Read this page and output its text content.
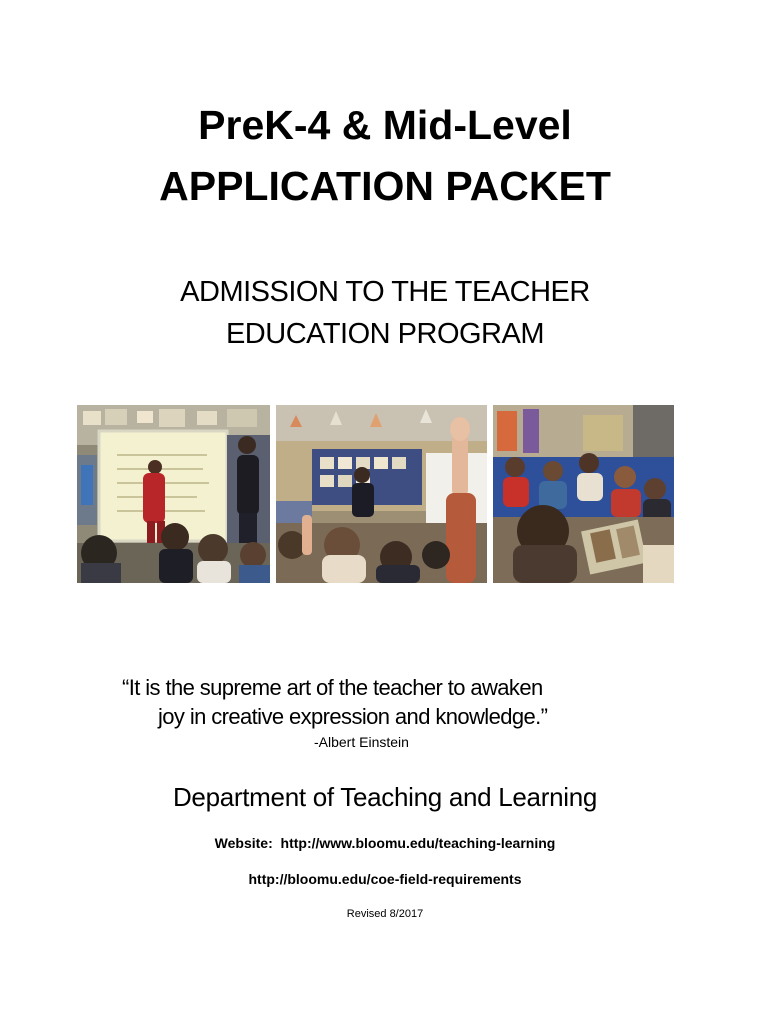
PreK-4 & Mid-Level
APPLICATION PACKET
ADMISSION TO THE TEACHER
EDUCATION PROGRAM
“It is the supreme art of the teacher to awaken
joy in creative expression and knowledge.”
-Albert Einstein
Department of Teaching and Learning
Website: http://www.bloomu.edu/teaching-learning
http://bloomu.edu/coe-field-requirements
Revised 8/2017
